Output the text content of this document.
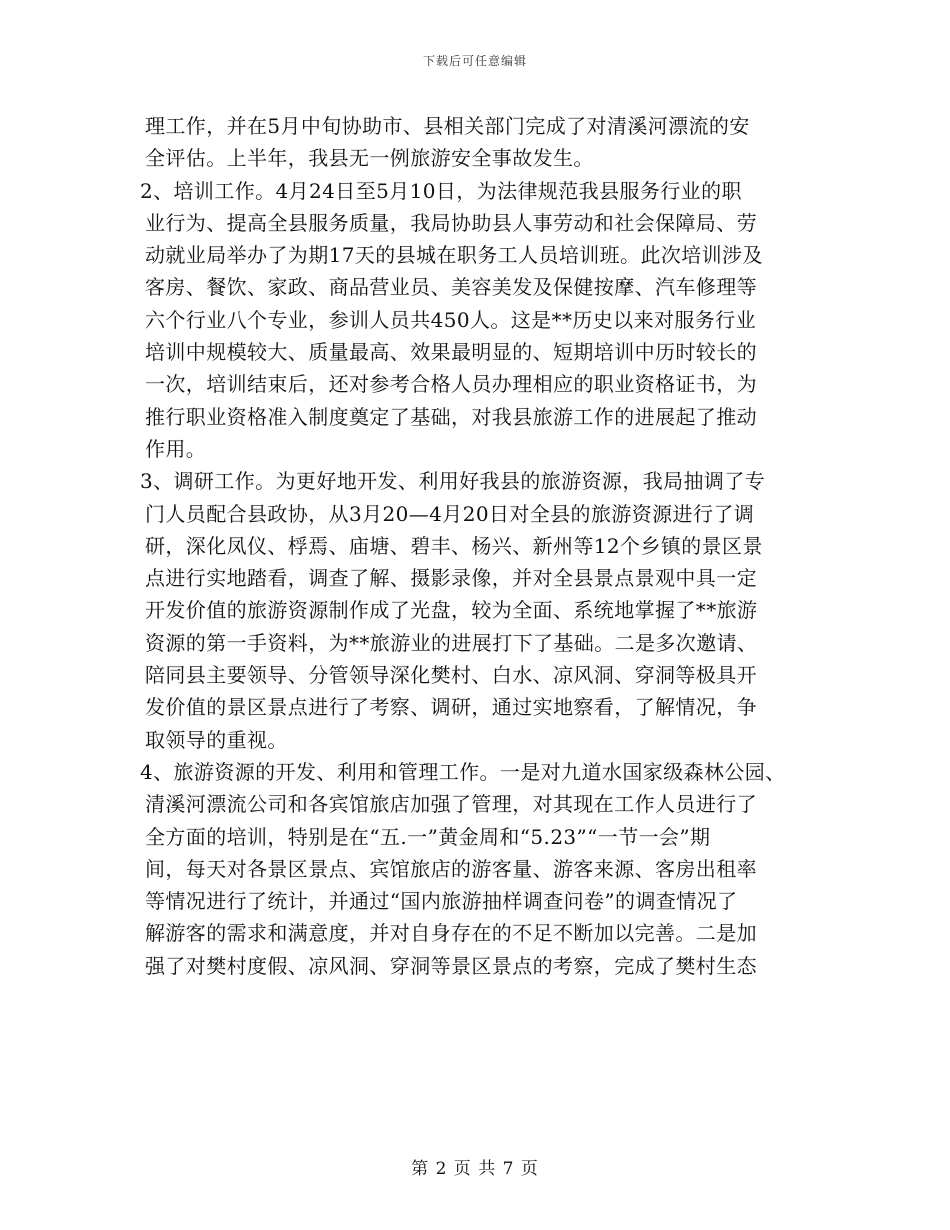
下载后可任意编辑
理工作，并在5月中旬协助市、县相关部门完成了对清溪河漂流的安
全评估。上半年，我县无一例旅游安全事故发生。
2、培训工作。4月24日至5月10日，为法律规范我县服务行业的职
业行为、提高全县服务质量，我局协助县人事劳动和社会保障局、劳
动就业局举办了为期17天的县城在职务工人员培训班。此次培训涉及
客房、餐饮、家政、商品营业员、美容美发及保健按摩、汽车修理等
六个行业八个专业，参训人员共450人。这是**历史以来对服务行业
培训中规模较大、质量最高、效果最明显的、短期培训中历时较长的
一次，培训结束后，还对参考合格人员办理相应的职业资格证书，为
推行职业资格准入制度奠定了基础，对我县旅游工作的进展起了推动
作用。
3、调研工作。为更好地开发、利用好我县的旅游资源，我局抽调了专
门人员配合县政协，从3月20—4月20日对全县的旅游资源进行了调
研，深化凤仪、桴焉、庙塘、碧丰、杨兴、新州等12个乡镇的景区景
点进行实地踏看，调查了解、摄影录像，并对全县景点景观中具一定
开发价值的旅游资源制作成了光盘，较为全面、系统地掌握了**旅游
资源的第一手资料，为**旅游业的进展打下了基础。二是多次邀请、
陪同县主要领导、分管领导深化樊村、白水、凉风洞、穿洞等极具开
发价值的景区景点进行了考察、调研，通过实地察看，了解情况，争
取领导的重视。
4、旅游资源的开发、利用和管理工作。一是对九道水国家级森林公园、
清溪河漂流公司和各宾馆旅店加强了管理，对其现在工作人员进行了
全方面的培训，特别是在“五.一”黄金周和“5.23”“一节一会”期
间，每天对各景区景点、宾馆旅店的游客量、游客来源、客房出租率
等情况进行了统计，并通过“国内旅游抽样调查问卷”的调查情况了
解游客的需求和满意度，并对自身存在的不足不断加以完善。二是加
强了对樊村度假、凉风洞、穿洞等景区景点的考察，完成了樊村生态
第 2 页 共 7 页
